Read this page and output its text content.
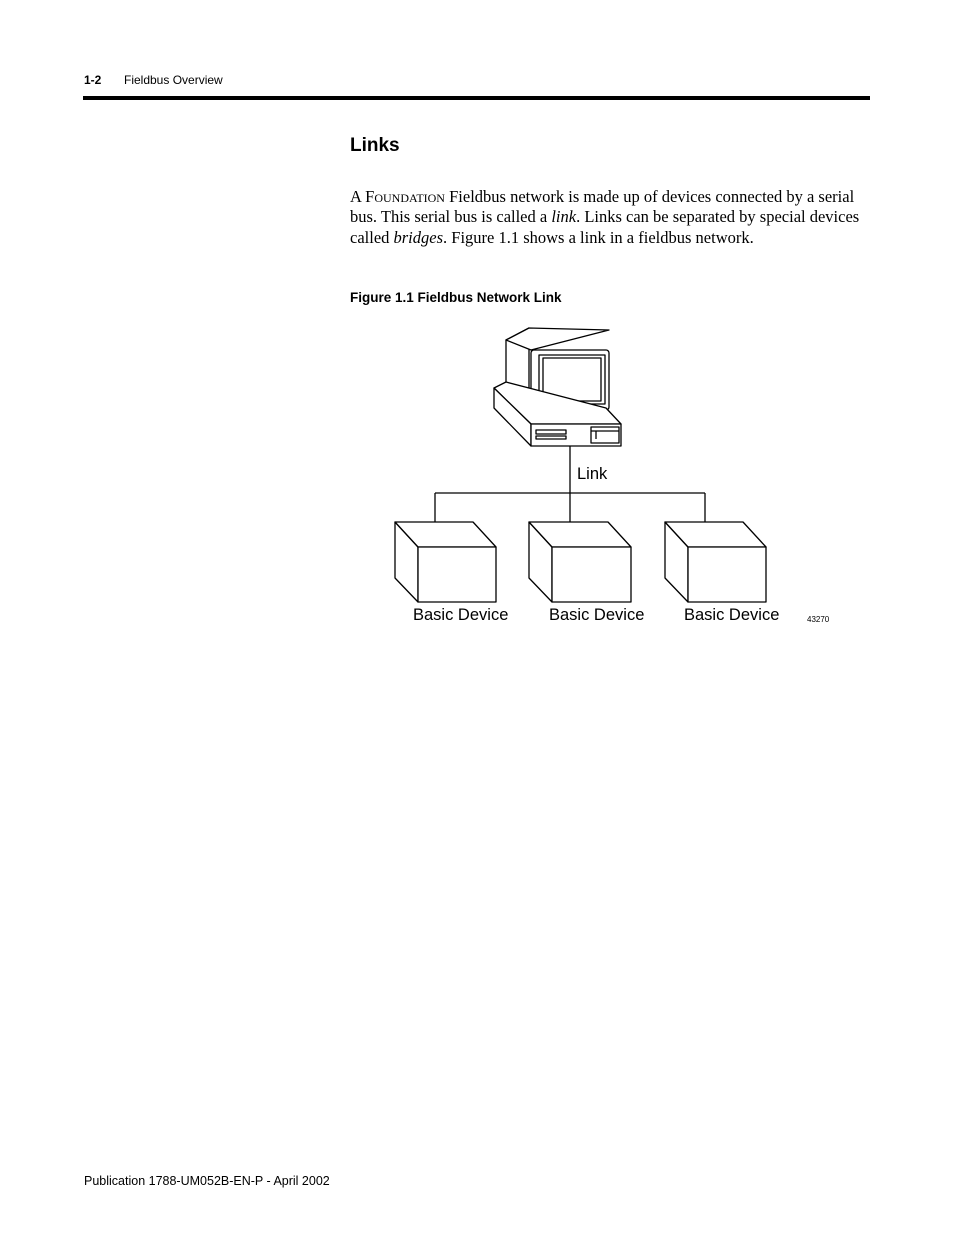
1-2 Fieldbus Overview
Links

A Foundation Fieldbus network is made up of devices connected by a serial bus. This serial bus is called a link. Links can be separated by special devices called bridges. Figure 1.1 shows a link in a fieldbus network.

Figure 1.1 Fieldbus Network Link
Link
Basic Device Basic Device Basic Device	43270
Publication 1788-UM052B-EN-P - April 2002
